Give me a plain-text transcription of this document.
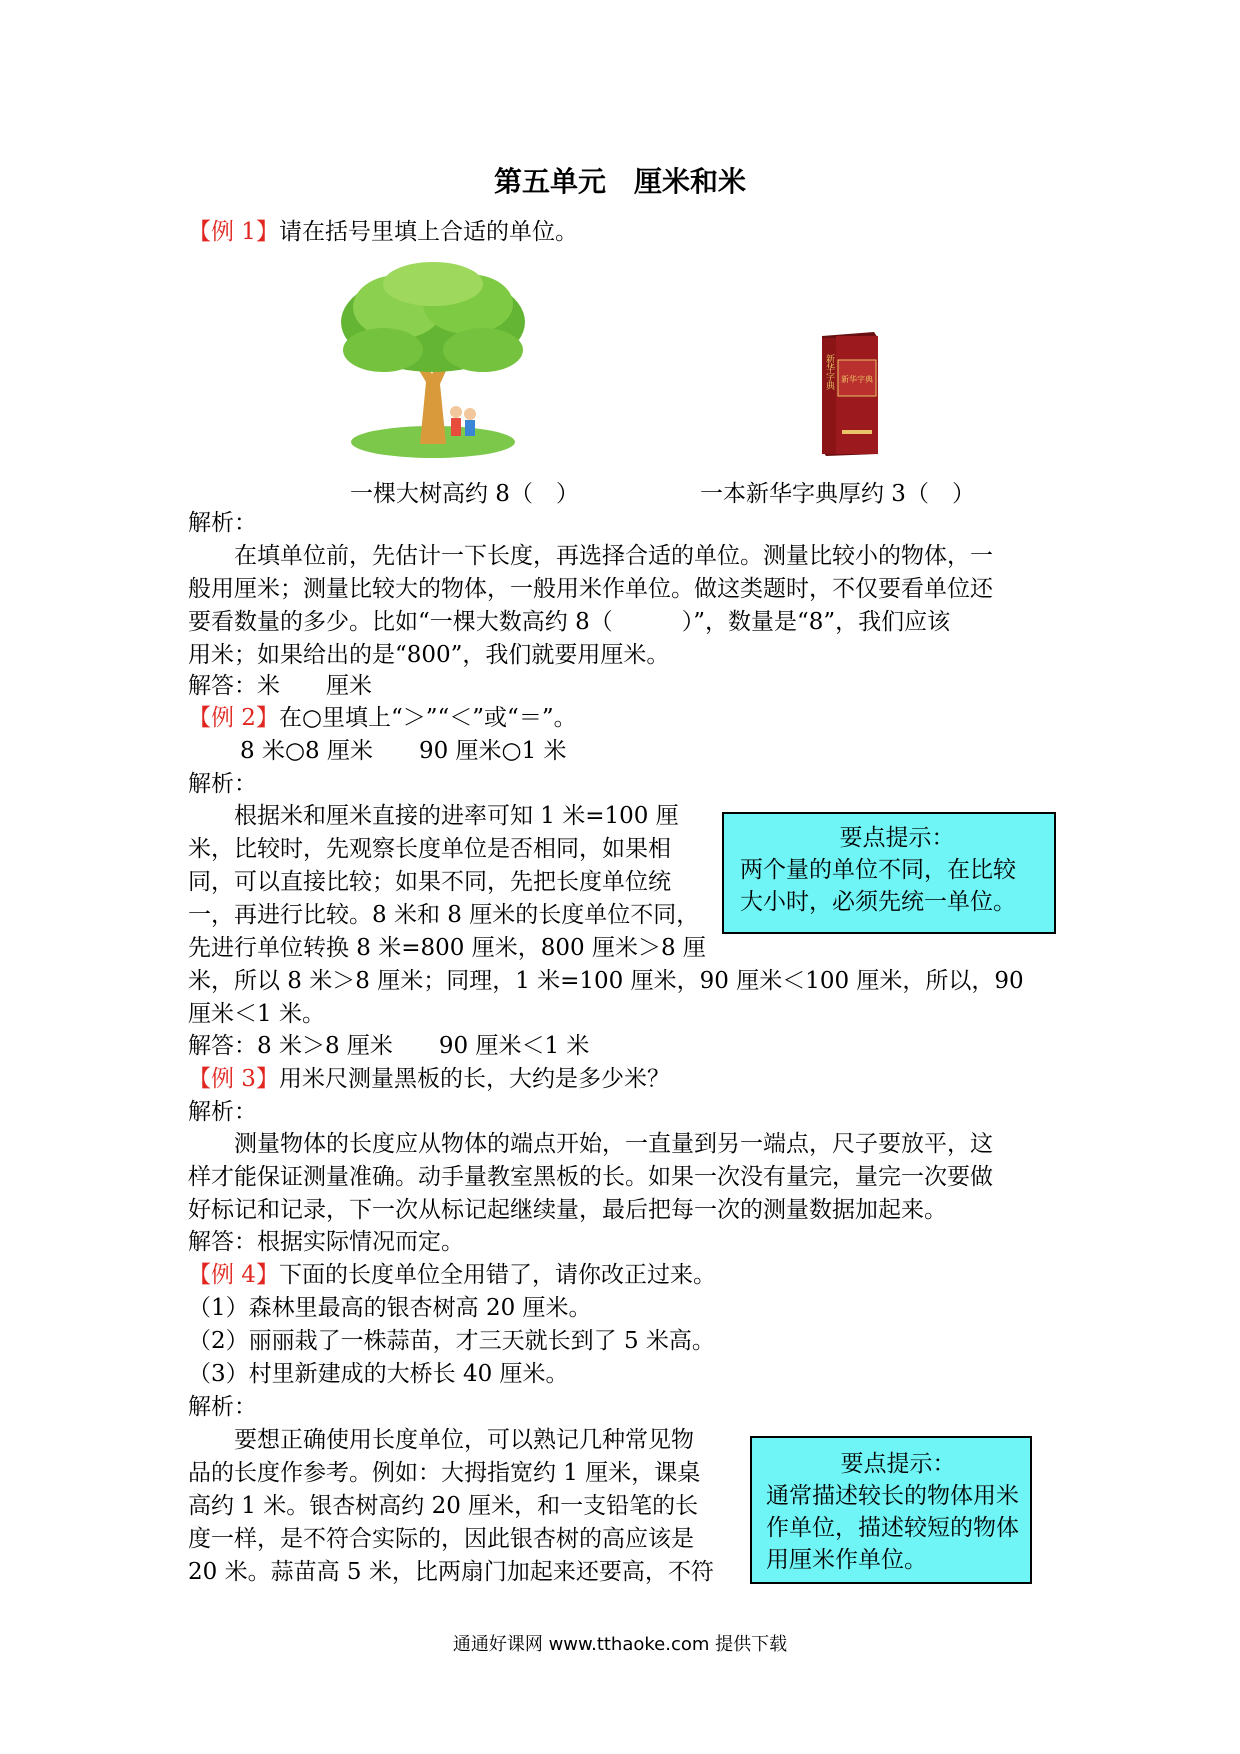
第五单元　厘米和米
【例 1】请在括号里填上合适的单位。
新华字典 新华字典
一棵大树高约 8（　）	一本新华字典厚约 3（　）
解析：
　　在填单位前，先估计一下长度，再选择合适的单位。测量比较小的物体，一
般用厘米；测量比较大的物体，一般用米作单位。做这类题时，不仅要看单位还
要看数量的多少。比如“一棵大数高约 8（　　　）”，数量是“8”，我们应该
用米；如果给出的是“800”，我们就要用厘米。
解答：米　　厘米
【例 2】在○里填上“＞”“＜”或“＝”。
8 米○8 厘米　　90 厘米○1 米
解析：
　　根据米和厘米直接的进率可知 1 米=100 厘
米，比较时，先观察长度单位是否相同，如果相
同，可以直接比较；如果不同，先把长度单位统
一，再进行比较。8 米和 8 厘米的长度单位不同，
先进行单位转换 8 米=800 厘米，800 厘米＞8 厘
米，所以 8 米＞8 厘米；同理，1 米=100 厘米，90 厘米＜100 厘米，所以，90
厘米＜1 米。
解答：8 米＞8 厘米　　90 厘米＜1 米
要点提示：
两个量的单位不同，在比较
大小时，必须先统一单位。
【例 3】用米尺测量黑板的长，大约是多少米？
解析：
　　测量物体的长度应从物体的端点开始，一直量到另一端点，尺子要放平，这
样才能保证测量准确。动手量教室黑板的长。如果一次没有量完，量完一次要做
好标记和记录，下一次从标记起继续量，最后把每一次的测量数据加起来。
解答：根据实际情况而定。
【例 4】下面的长度单位全用错了，请你改正过来。
（1）森林里最高的银杏树高 20 厘米。
（2）丽丽栽了一株蒜苗，才三天就长到了 5 米高。
（3）村里新建成的大桥长 40 厘米。
解析：
　　要想正确使用长度单位，可以熟记几种常见物
品的长度作参考。例如：大拇指宽约 1 厘米，课桌
高约 1 米。银杏树高约 20 厘米，和一支铅笔的长
度一样，是不符合实际的，因此银杏树的高应该是
20 米。蒜苗高 5 米，比两扇门加起来还要高，不符
要点提示：
通常描述较长的物体用米
作单位，描述较短的物体
用厘米作单位。
通通好课网 www.tthaoke.com 提供下载
